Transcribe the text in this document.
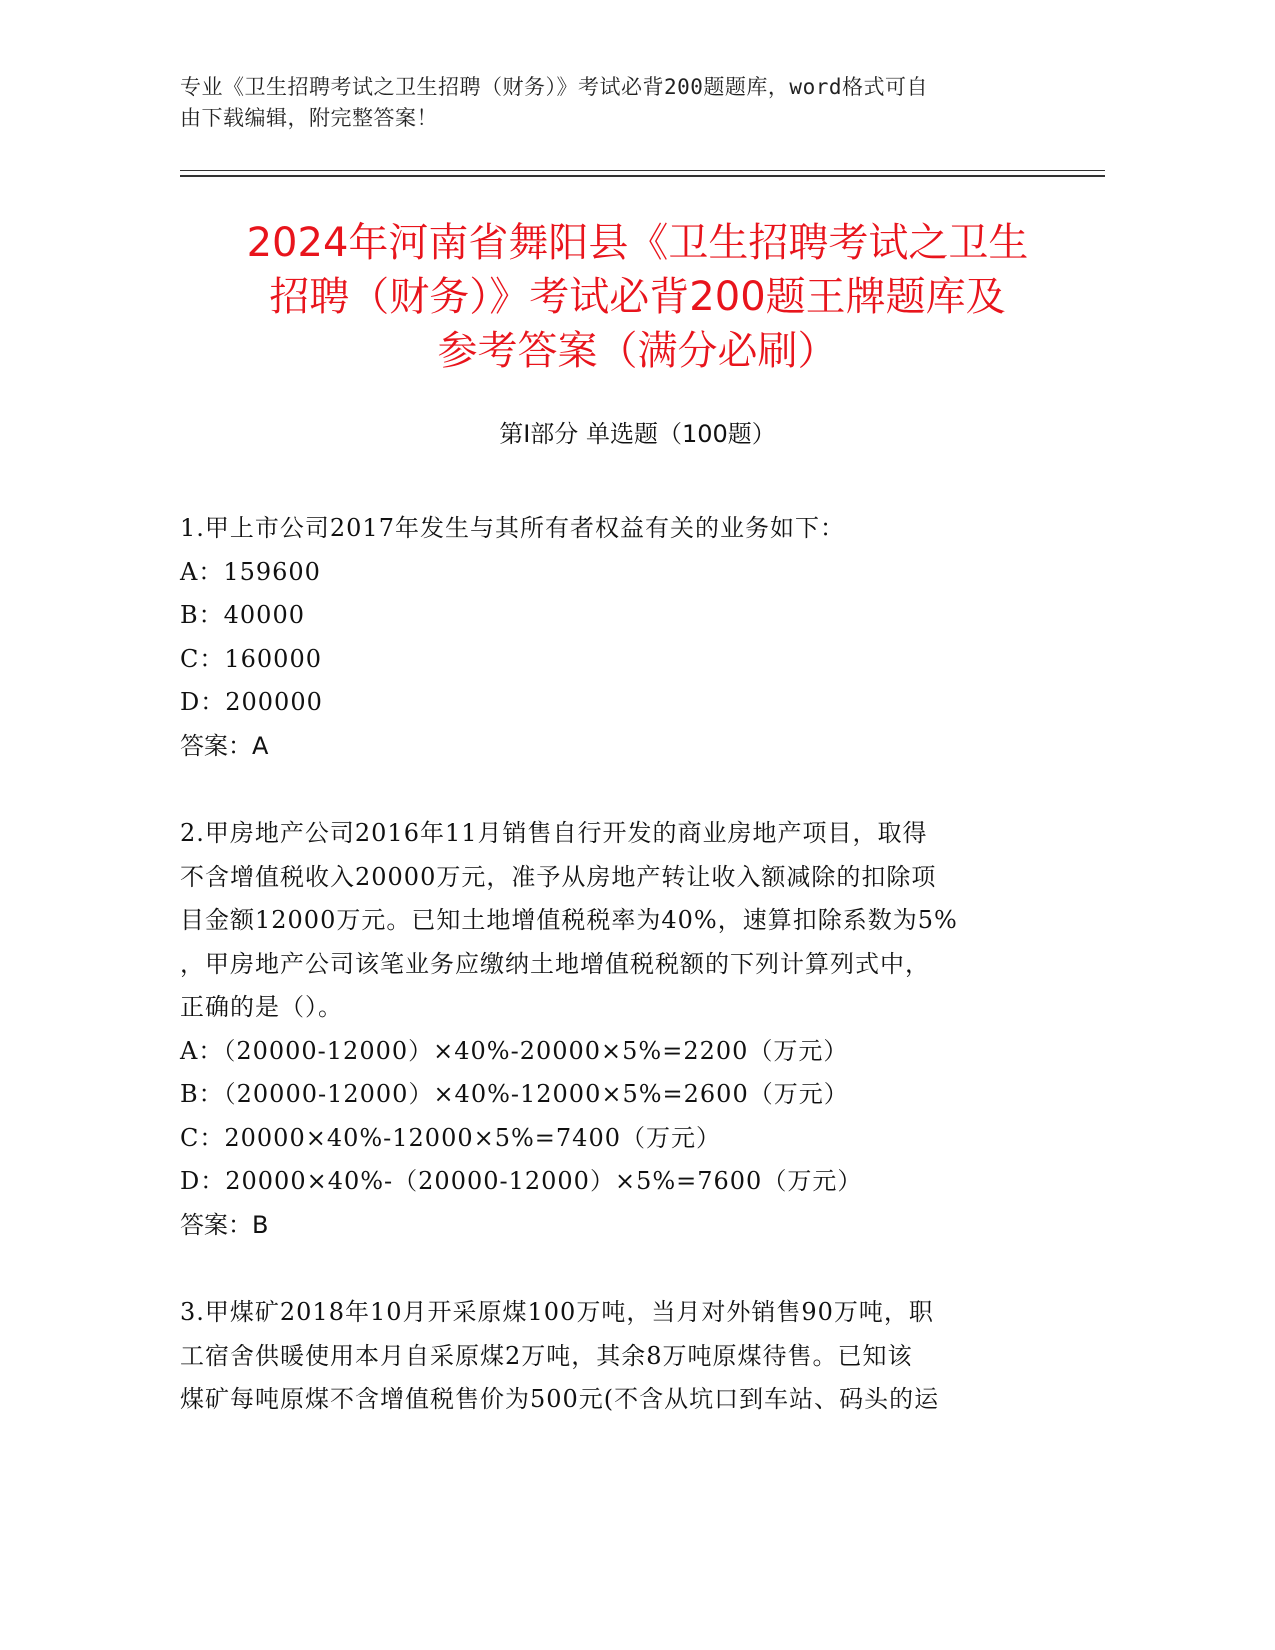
专业《卫生招聘考试之卫生招聘（财务）》考试必背200题题库，word格式可自
由下载编辑，附完整答案！
2024年河南省舞阳县《卫生招聘考试之卫生
招聘（财务）》考试必背200题王牌题库及
参考答案（满分必刷）
第Ⅰ部分 单选题（100题）
1.甲上市公司2017年发生与其所有者权益有关的业务如下：
A：159600
B：40000
C：160000
D：200000
答案：A
2.甲房地产公司2016年11月销售自行开发的商业房地产项目，取得
不含增值税收入20000万元，准予从房地产转让收入额减除的扣除项
目金额12000万元。已知土地增值税税率为40%，速算扣除系数为5%
，甲房地产公司该笔业务应缴纳土地增值税税额的下列计算列式中，
正确的是（）。
A：（20000-12000）×40%-20000×5%=2200（万元）
B：（20000-12000）×40%-12000×5%=2600（万元）
C：20000×40%-12000×5%=7400（万元）
D：20000×40%-（20000-12000）×5%=7600（万元）
答案：B
3.甲煤矿2018年10月开采原煤100万吨，当月对外销售90万吨，职
工宿舍供暖使用本月自采原煤2万吨，其余8万吨原煤待售。已知该
煤矿每吨原煤不含增值税售价为500元(不含从坑口到车站、码头的运
